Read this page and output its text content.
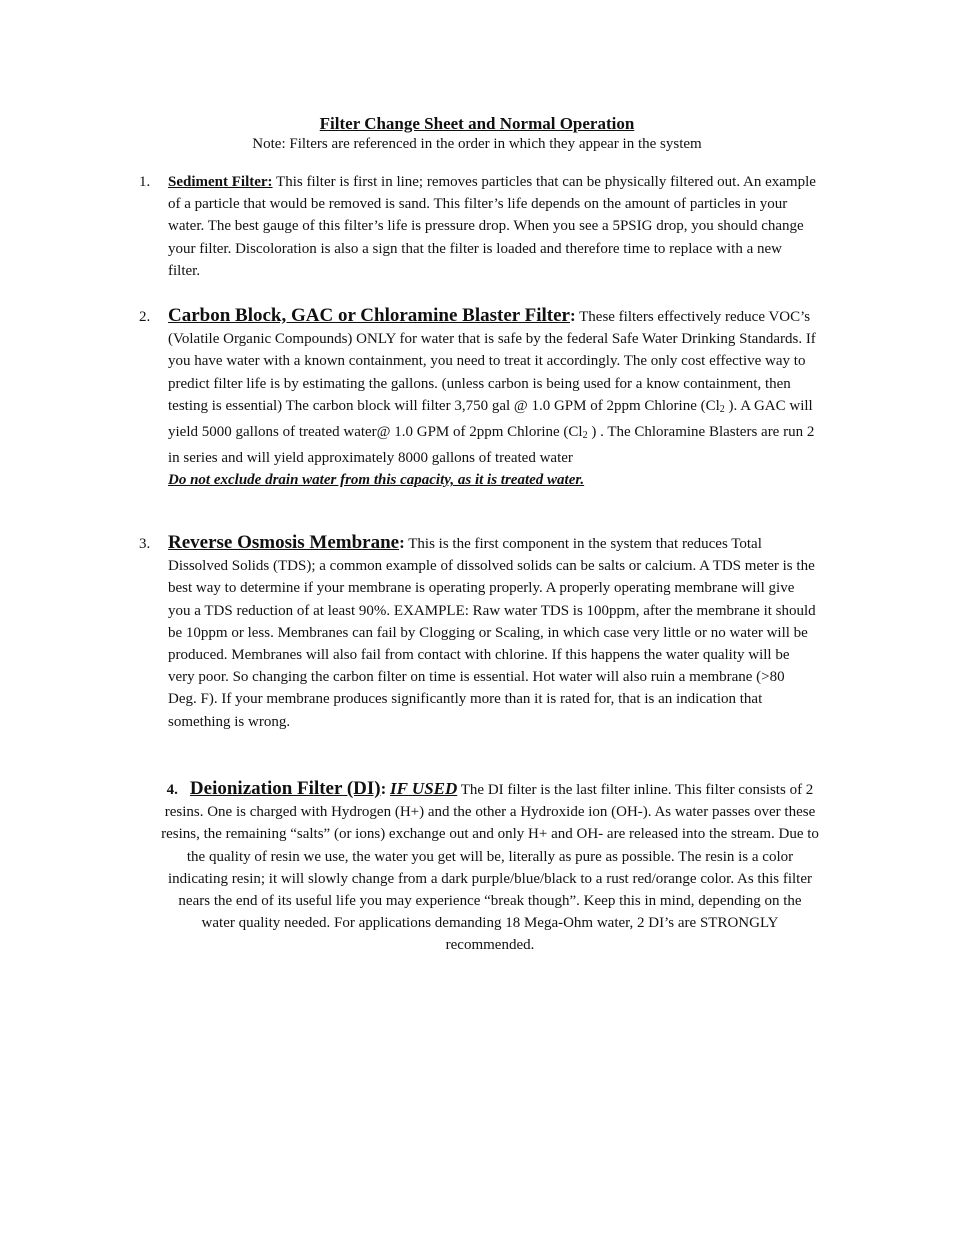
Filter Change Sheet and Normal Operation
Note: Filters are referenced in the order in which they appear in the system
1. Sediment Filter: This filter is first in line; removes particles that can be physically filtered out. An example of a particle that would be removed is sand. This filter’s life depends on the amount of particles in your water. The best gauge of this filter’s life is pressure drop. When you see a 5PSIG drop, you should change your filter. Discoloration is also a sign that the filter is loaded and therefore time to replace with a new filter.
2. Carbon Block, GAC or Chloramine Blaster Filter: These filters effectively reduce VOC’s (Volatile Organic Compounds) ONLY for water that is safe by the federal Safe Water Drinking Standards. If you have water with a known containment, you need to treat it accordingly. The only cost effective way to predict filter life is by estimating the gallons. (unless carbon is being used for a know containment, then testing is essential) The carbon block will filter 3,750 gal @ 1.0 GPM of 2ppm Chlorine ($Cl_2$ ). A GAC will yield 5000 gallons of treated water@ 1.0 GPM of 2ppm Chlorine ($Cl_2$ ) . The Chloramine Blasters are run 2 in series and will yield approximately 8000 gallons of treated water
Do not exclude drain water from this capacity, as it is treated water.
3. Reverse Osmosis Membrane: This is the first component in the system that reduces Total Dissolved Solids (TDS); a common example of dissolved solids can be salts or calcium. A TDS meter is the best way to determine if your membrane is operating properly. A properly operating membrane will give you a TDS reduction of at least 90%. EXAMPLE: Raw water TDS is 100ppm, after the membrane it should be 10ppm or less. Membranes can fail by Clogging or Scaling, in which case very little or no water will be produced. Membranes will also fail from contact with chlorine. If this happens the water quality will be very poor. So changing the carbon filter on time is essential. Hot water will also ruin a membrane (>80 Deg. F). If your membrane produces significantly more than it is rated for, that is an indication that something is wrong.
4. Deionization Filter (DI): IF USED The DI filter is the last filter inline. This filter consists of 2 resins. One is charged with Hydrogen (H+) and the other a Hydroxide ion (OH-). As water passes over these resins, the remaining “salts” (or ions) exchange out and only H+ and OH- are released into the stream. Due to the quality of resin we use, the water you get will be, literally as pure as possible. The resin is a color indicating resin; it will slowly change from a dark purple/blue/black to a rust red/orange color. As this filter nears the end of its useful life you may experience “break though”. Keep this in mind, depending on the water quality needed. For applications demanding 18 Mega-Ohm water, 2 DI’s are STRONGLY recommended.
